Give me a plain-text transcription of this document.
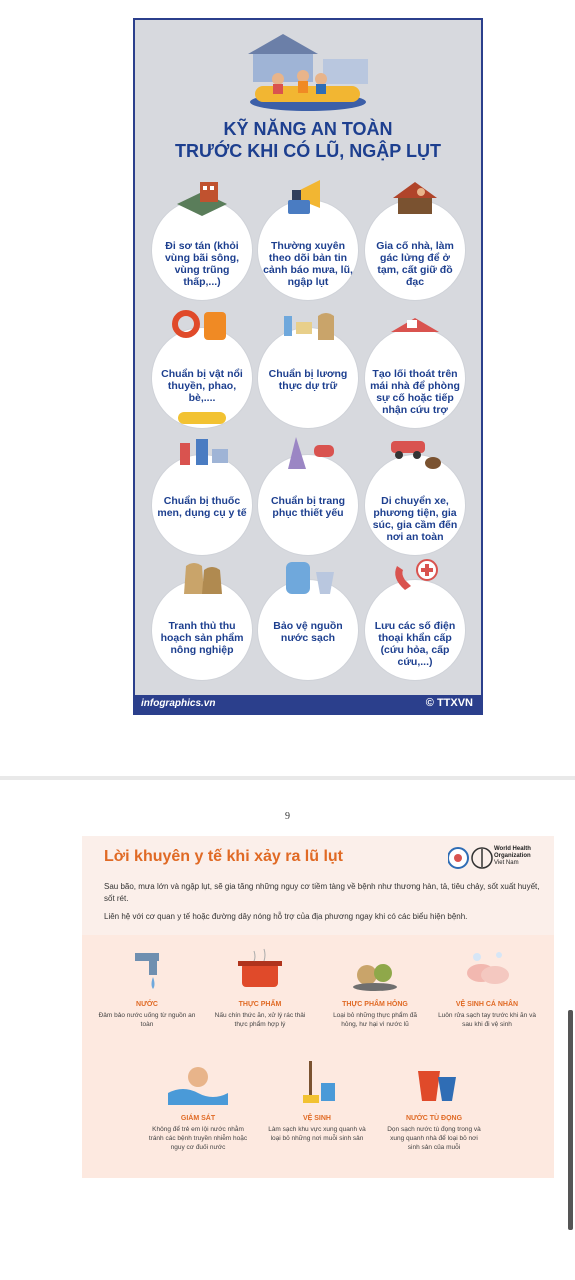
KỸ NĂNG AN TOÀN
TRƯỚC KHI CÓ LŨ, NGẬP LỤT
Đi sơ tán (khỏi vùng bãi sông, vùng trũng thấp,...)
Thường xuyên theo dõi bản tin cảnh báo mưa, lũ, ngập lụt
Gia cố nhà, làm gác lửng để ở tạm, cất giữ đồ đạc
Chuẩn bị vật nổi thuyền, phao, bè,....
Chuẩn bị lương thực dự trữ
Tạo lối thoát trên mái nhà để phòng sự cố hoặc tiếp nhận cứu trợ
Chuẩn bị thuốc men, dụng cụ y tế
Chuẩn bị trang phục thiết yếu
Di chuyển xe, phương tiện, gia súc, gia cầm đến nơi an toàn
Tranh thủ thu hoạch sản phẩm nông nghiệp
Bảo vệ nguồn nước sạch
Lưu các số điện thoại khẩn cấp (cứu hỏa, cấp cứu,...)
infographics.vn	© TTXVN
9
Lời khuyên y tế khi xảy ra lũ lụt	World Health Organization
Viet Nam
Sau bão, mưa lớn và ngập lụt, sẽ gia tăng những nguy cơ tiềm tàng về bệnh như thương hàn, tả, tiêu chảy, sốt xuất huyết, sốt rét.
Liên hệ với cơ quan y tế hoặc đường dây nóng hỗ trợ của địa phương ngay khi có các biểu hiện bệnh.
NƯỚC
Đảm bảo nước uống từ nguồn an toàn
THỰC PHẨM
Nấu chín thức ăn, xử lý rác thải thực phẩm hợp lý
THỰC PHẨM HỎNG
Loại bỏ những thực phẩm đã hỏng, hư hại vì nước lũ
VỆ SINH CÁ NHÂN
Luôn rửa sạch tay trước khi ăn và sau khi đi vệ sinh
GIÁM SÁT
Không để trẻ em lội nước nhằm tránh các bệnh truyền nhiễm hoặc nguy cơ đuối nước
VỆ SINH
Làm sạch khu vực xung quanh và loại bỏ những nơi muỗi sinh sản
NƯỚC TÙ ĐỌNG
Dọn sạch nước tù đọng trong và xung quanh nhà để loại bỏ nơi sinh sản của muỗi
